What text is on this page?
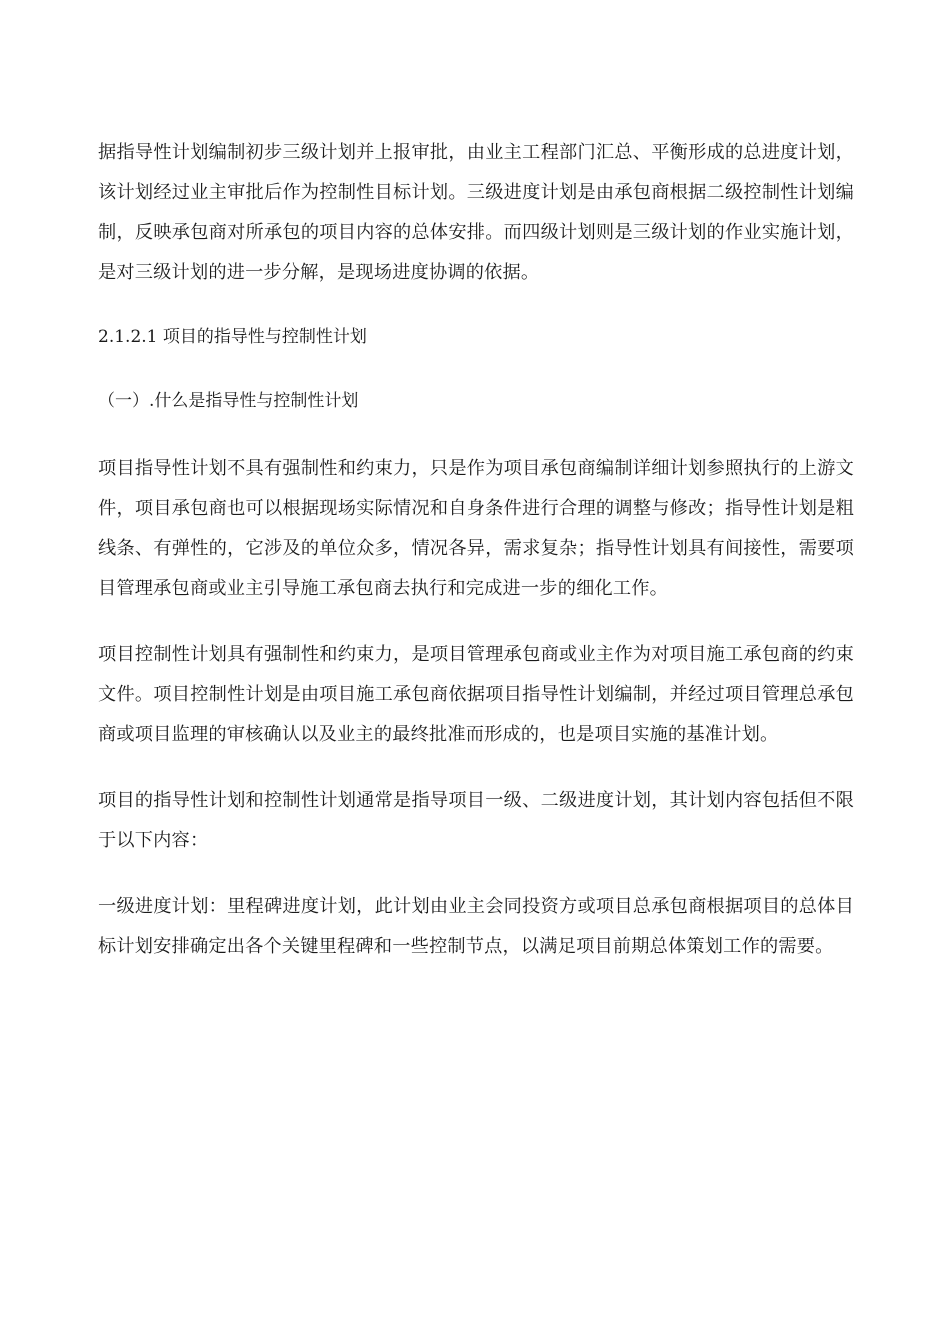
据指导性计划编制初步三级计划并上报审批，由业主工程部门汇总、平衡形成的总进度计划，该计划经过业主审批后作为控制性目标计划。三级进度计划是由承包商根据二级控制性计划编制，反映承包商对所承包的项目内容的总体安排。而四级计划则是三级计划的作业实施计划，是对三级计划的进一步分解，是现场进度协调的依据。

2.1.2.1 项目的指导性与控制性计划
（一）.什么是指导性与控制性计划

项目指导性计划不具有强制性和约束力，只是作为项目承包商编制详细计划参照执行的上游文件，项目承包商也可以根据现场实际情况和自身条件进行合理的调整与修改；指导性计划是粗线条、有弹性的，它涉及的单位众多，情况各异，需求复杂；指导性计划具有间接性，需要项目管理承包商或业主引导施工承包商去执行和完成进一步的细化工作。

项目控制性计划具有强制性和约束力，是项目管理承包商或业主作为对项目施工承包商的约束文件。项目控制性计划是由项目施工承包商依据项目指导性计划编制，并经过项目管理总承包商或项目监理的审核确认以及业主的最终批准而形成的，也是项目实施的基准计划。

项目的指导性计划和控制性计划通常是指导项目一级、二级进度计划，其计划内容包括但不限于以下内容：

一级进度计划：里程碑进度计划，此计划由业主会同投资方或项目总承包商根据项目的总体目标计划安排确定出各个关键里程碑和一些控制节点，以满足项目前期总体策划工作的需要。
